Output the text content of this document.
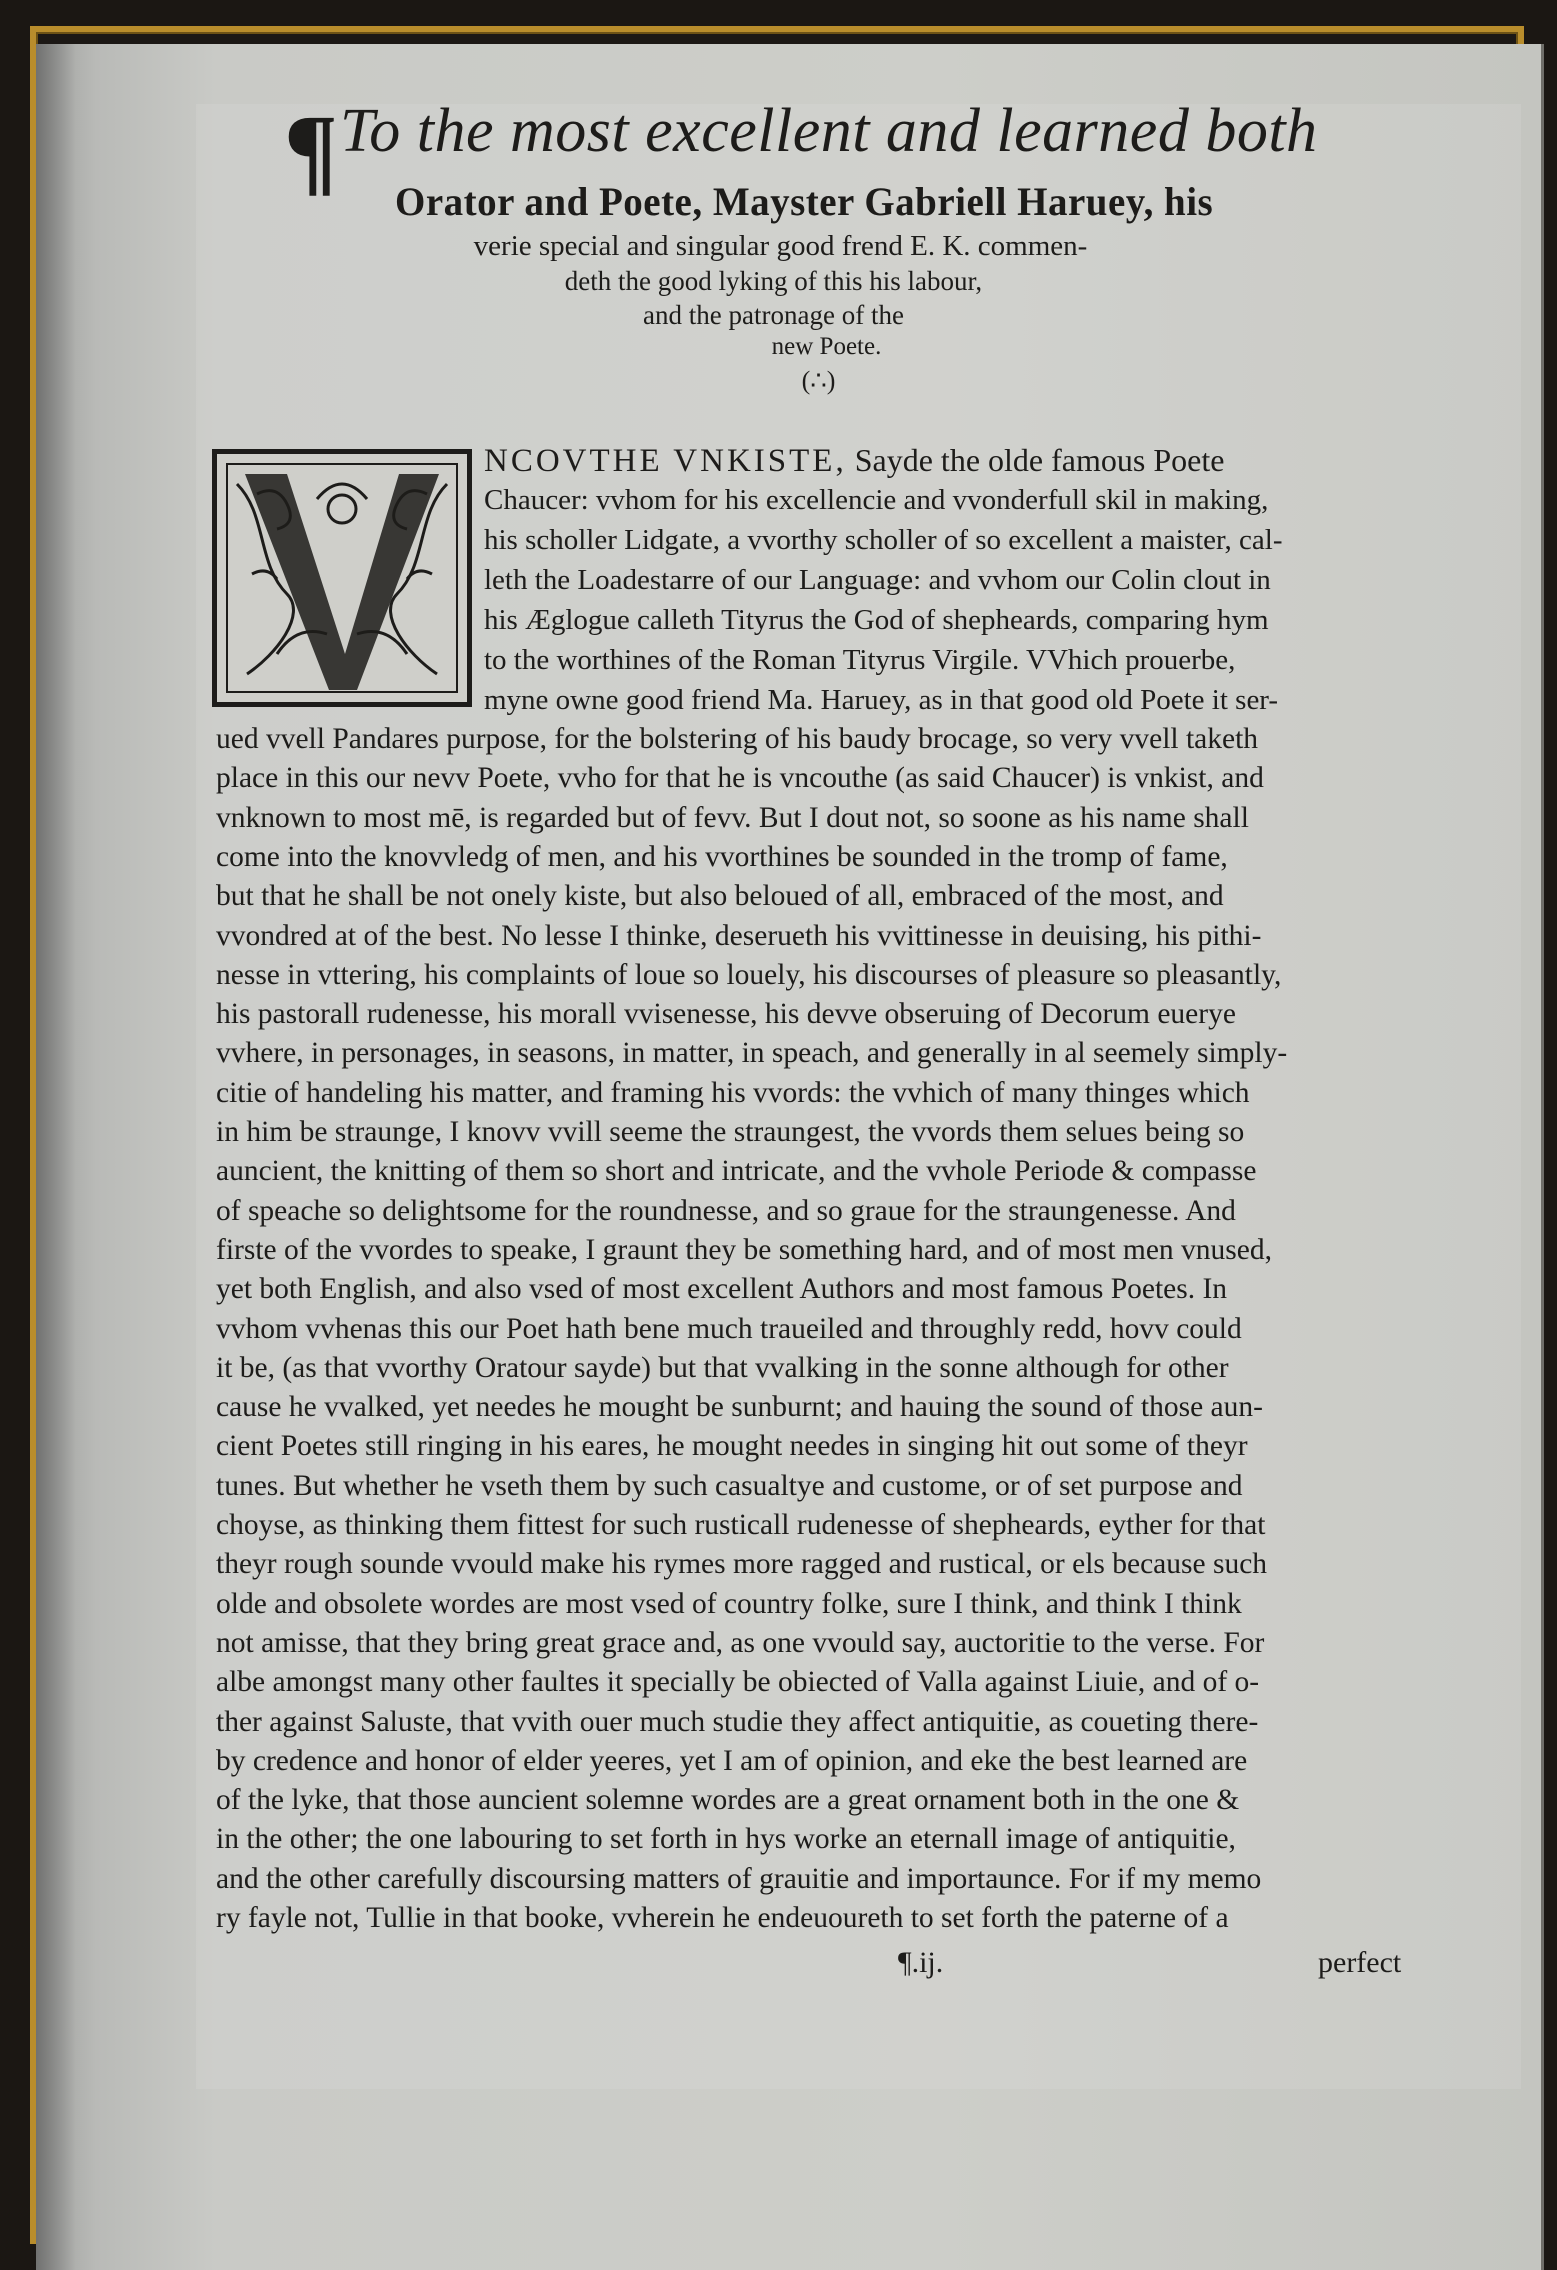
¶ To the most excellent and learned both
Orator and Poete, Mayster Gabriell Haruey, his
verie special and singular good frend E. K. commen-
deth the good lyking of this his labour,
and the patronage of the
new Poete.
(∴)
NCOVTHE VNKISTE, Sayde the olde famous Poete
Chaucer: vvhom for his excellencie and vvonderfull skil in making,
his scholler Lidgate, a vvorthy scholler of so excellent a maister, cal-
leth the Loadestarre of our Language: and vvhom our Colin clout in
his Æglogue calleth Tityrus the God of shepheards, comparing hym
to the worthines of the Roman Tityrus Virgile. VVhich prouerbe,
myne owne good friend Ma. Haruey, as in that good old Poete it ser-
ued vvell Pandares purpose, for the bolstering of his baudy brocage, so very vvell taketh
place in this our nevv Poete, vvho for that he is vncouthe (as said Chaucer) is vnkist, and
vnknown to most mē, is regarded but of fevv. But I dout not, so soone as his name shall
come into the knovvledg of men, and his vvorthines be sounded in the tromp of fame,
but that he shall be not onely kiste, but also beloued of all, embraced of the most, and
vvondred at of the best. No lesse I thinke, deserueth his vvittinesse in deuising, his pithi-
nesse in vttering, his complaints of loue so louely, his discourses of pleasure so pleasantly,
his pastorall rudenesse, his morall vvisenesse, his devve obseruing of Decorum euerye
vvhere, in personages, in seasons, in matter, in speach, and generally in al seemely simply-
citie of handeling his matter, and framing his vvords: the vvhich of many thinges which
in him be straunge, I knovv vvill seeme the straungest, the vvords them selues being so
auncient, the knitting of them so short and intricate, and the vvhole Periode & compasse
of speache so delightsome for the roundnesse, and so graue for the straungenesse. And
firste of the vvordes to speake, I graunt they be something hard, and of most men vnused,
yet both English, and also vsed of most excellent Authors and most famous Poetes. In
vvhom vvhenas this our Poet hath bene much traueiled and throughly redd, hovv could
it be, (as that vvorthy Oratour sayde) but that vvalking in the sonne although for other
cause he vvalked, yet needes he mought be sunburnt; and hauing the sound of those aun-
cient Poetes still ringing in his eares, he mought needes in singing hit out some of theyr
tunes. But whether he vseth them by such casualtye and custome, or of set purpose and
choyse, as thinking them fittest for such rusticall rudenesse of shepheards, eyther for that
theyr rough sounde vvould make his rymes more ragged and rustical, or els because such
olde and obsolete wordes are most vsed of country folke, sure I think, and think I think
not amisse, that they bring great grace and, as one vvould say, auctoritie to the verse. For
albe amongst many other faultes it specially be obiected of Valla against Liuie, and of o-
ther against Saluste, that vvith ouer much studie they affect antiquitie, as coueting there-
by credence and honor of elder yeeres, yet I am of opinion, and eke the best learned are
of the lyke, that those auncient solemne wordes are a great ornament both in the one &
in the other; the one labouring to set forth in hys worke an eternall image of antiquitie,
and the other carefully discoursing matters of grauitie and importaunce. For if my memo
ry fayle not, Tullie in that booke, vvherein he endeuoureth to set forth the paterne of a
¶.ij.	perfect
